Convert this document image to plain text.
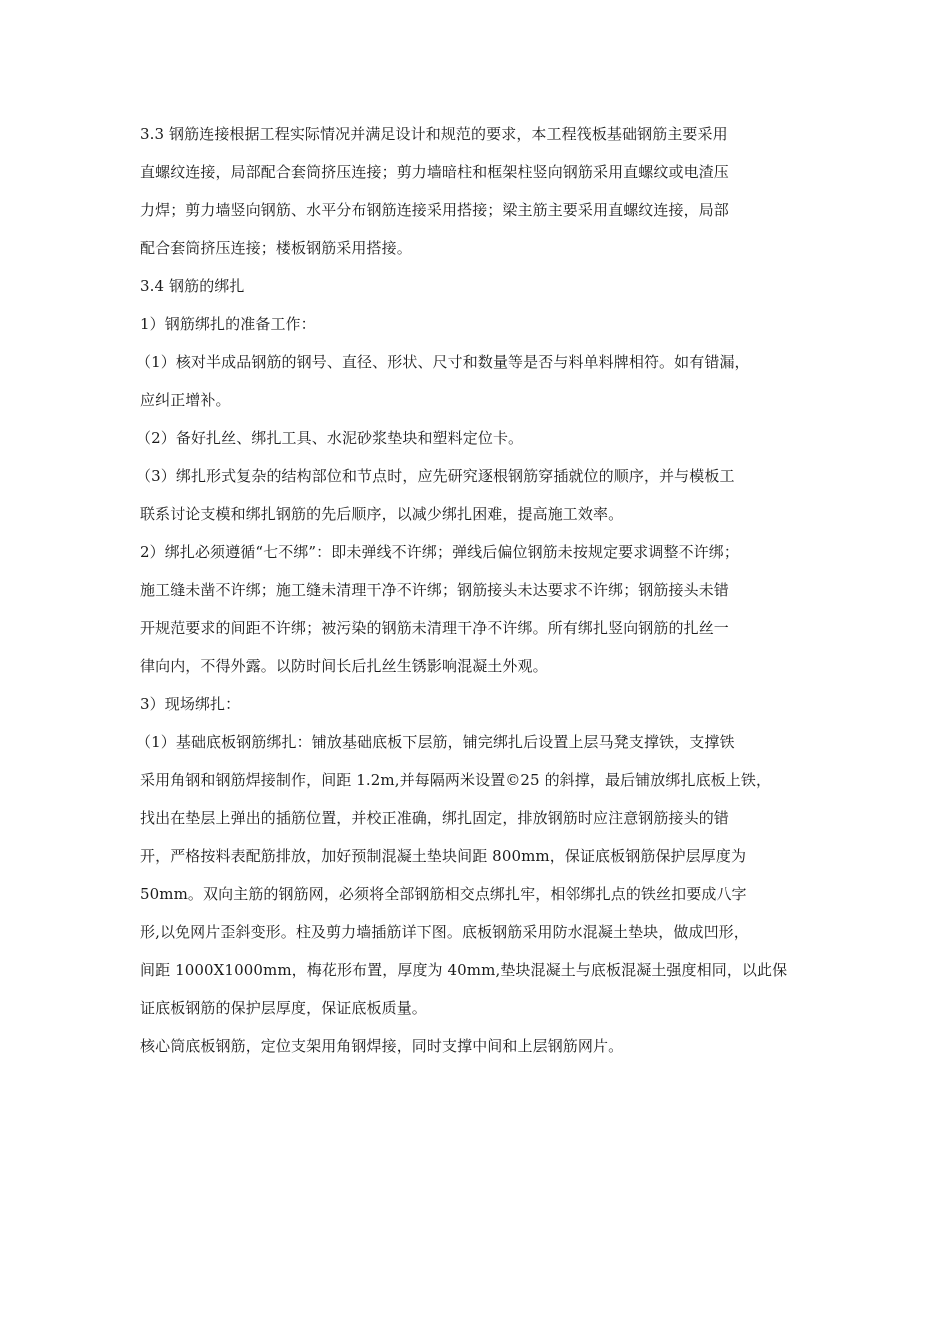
3.3 钢筋连接根据工程实际情况并满足设计和规范的要求，本工程筏板基础钢筋主要采用

直螺纹连接，局部配合套筒挤压连接；剪力墙暗柱和框架柱竖向钢筋采用直螺纹或电渣压

力焊；剪力墙竖向钢筋、水平分布钢筋连接采用搭接；梁主筋主要采用直螺纹连接，局部

配合套筒挤压连接；楼板钢筋采用搭接。

3.4 钢筋的绑扎

1）钢筋绑扎的准备工作：

（1）核对半成品钢筋的钢号、直径、形状、尺寸和数量等是否与料单料牌相符。如有错漏，

应纠正增补。

（2）备好扎丝、绑扎工具、水泥砂浆垫块和塑料定位卡。

（3）绑扎形式复杂的结构部位和节点时，应先研究逐根钢筋穿插就位的顺序，并与模板工

联系讨论支模和绑扎钢筋的先后顺序，以减少绑扎困难，提高施工效率。

2）绑扎必须遵循“七不绑”：即未弹线不许绑；弹线后偏位钢筋未按规定要求调整不许绑；

施工缝未凿不许绑；施工缝未清理干净不许绑；钢筋接头未达要求不许绑；钢筋接头未错

开规范要求的间距不许绑；被污染的钢筋未清理干净不许绑。所有绑扎竖向钢筋的扎丝一

律向内，不得外露。以防时间长后扎丝生锈影响混凝土外观。

3）现场绑扎：

（1）基础底板钢筋绑扎：铺放基础底板下层筋，铺完绑扎后设置上层马凳支撑铁，支撑铁

采用角钢和钢筋焊接制作，间距 1.2m,并每隔两米设置©25 的斜撑，最后铺放绑扎底板上铁，

找出在垫层上弹出的插筋位置，并校正准确，绑扎固定，排放钢筋时应注意钢筋接头的错

开，严格按料表配筋排放，加好预制混凝土垫块间距 800mm，保证底板钢筋保护层厚度为

50mm。双向主筋的钢筋网，必须将全部钢筋相交点绑扎牢，相邻绑扎点的铁丝扣要成八字

形,以免网片歪斜变形。柱及剪力墙插筋详下图。底板钢筋采用防水混凝土垫块，做成凹形，

间距 1000X1000mm，梅花形布置，厚度为 40mm,垫块混凝土与底板混凝土强度相同，以此保

证底板钢筋的保护层厚度，保证底板质量。

核心筒底板钢筋，定位支架用角钢焊接，同时支撑中间和上层钢筋网片。
